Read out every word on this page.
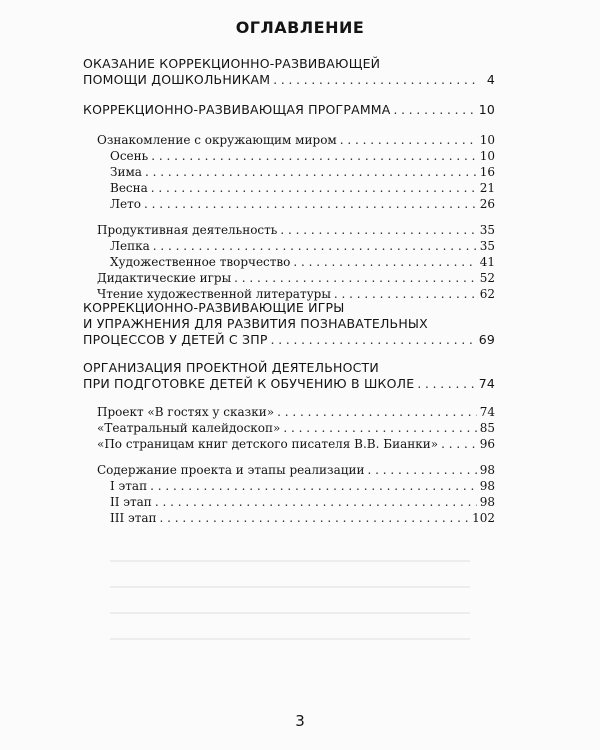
ОГЛАВЛЕНИЕ
ОКАЗАНИЕ КОРРЕКЦИОННО-РАЗВИВАЮЩЕЙ
ПОМОЩИ ДОШКОЛЬНИКАМ . . .	4
КОРРЕКЦИОННО-РАЗВИВАЮЩАЯ ПРОГРАММА . . .	10
Ознакомление с окружающим миром . . .	10
Осень . . .	10
Зима . . .	16
Весна . . .	21
Лето . . .	26
Продуктивная деятельность . . .	35
Лепка . . .	35
Художественное творчество . . .	41
Дидактические игры . . .	52
Чтение художественной литературы . . .	62
КОРРЕКЦИОННО-РАЗВИВАЮЩИЕ ИГРЫ
И УПРАЖНЕНИЯ ДЛЯ РАЗВИТИЯ ПОЗНАВАТЕЛЬНЫХ
ПРОЦЕССОВ У ДЕТЕЙ С ЗПР . . .	69
ОРГАНИЗАЦИЯ ПРОЕКТНОЙ ДЕЯТЕЛЬНОСТИ
ПРИ ПОДГОТОВКЕ ДЕТЕЙ К ОБУЧЕНИЮ В ШКОЛЕ . . .	74
Проект «В гостях у сказки» . . .	74
«Театральный калейдоскоп» . . .	85
«По страницам книг детского писателя В.В. Бианки» . . .	96
Содержание проекта и этапы реализации . . .	98
I этап . . .	98
II этап . . .	98
III этап . . .	102
3
